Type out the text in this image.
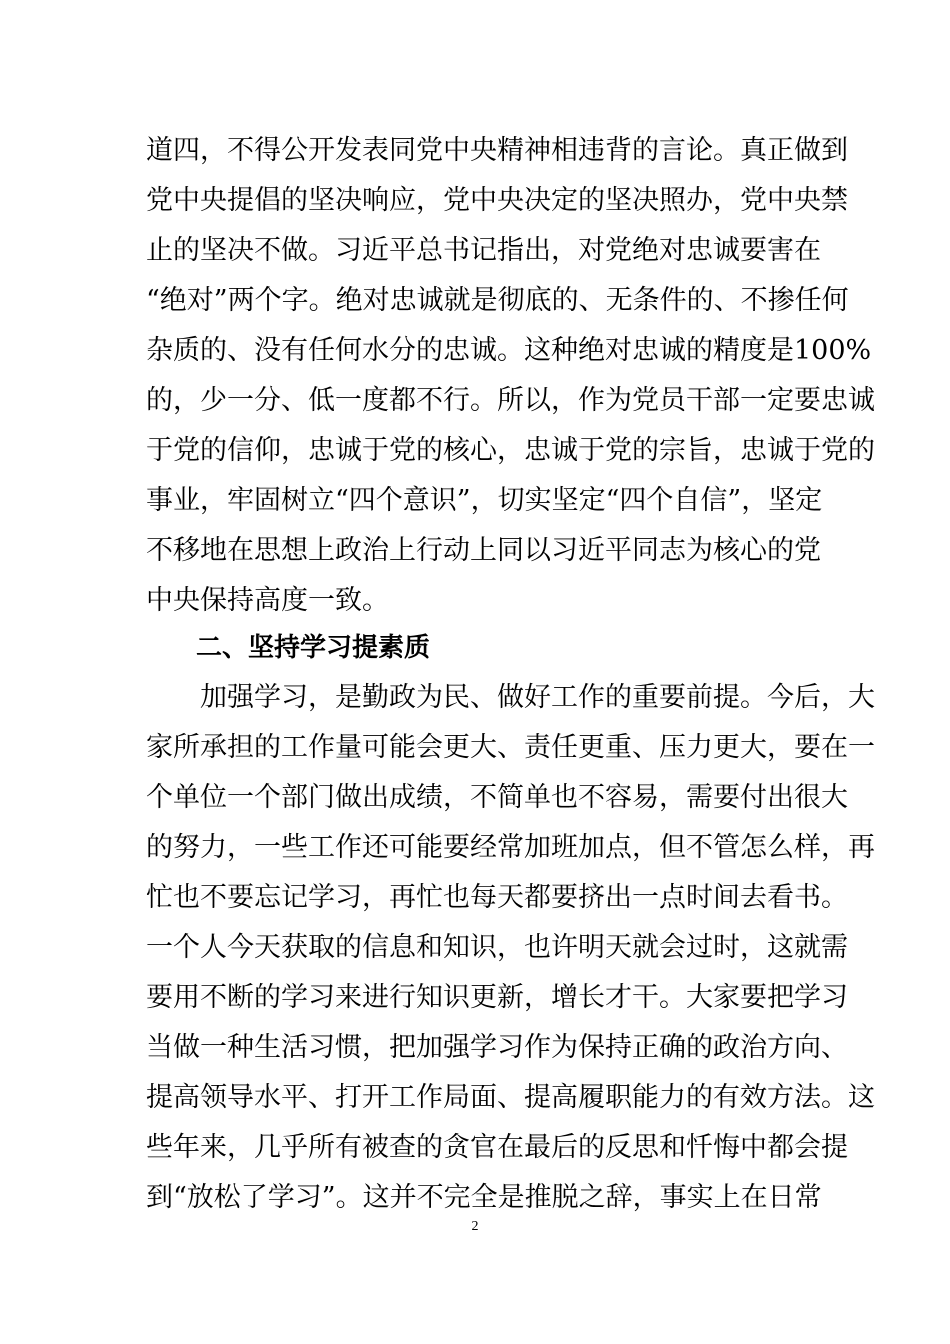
道四，不得公开发表同党中央精神相违背的言论。真正做到
党中央提倡的坚决响应，党中央决定的坚决照办，党中央禁
止的坚决不做。习近平总书记指出，对党绝对忠诚要害在
“绝对”两个字。绝对忠诚就是彻底的、无条件的、不掺任何
杂质的、没有任何水分的忠诚。这种绝对忠诚的精度是100%
的，少一分、低一度都不行。所以，作为党员干部一定要忠诚
于党的信仰，忠诚于党的核心，忠诚于党的宗旨，忠诚于党的
事业，牢固树立“四个意识”，切实坚定“四个自信”，坚定
不移地在思想上政治上行动上同以习近平同志为核心的党
中央保持高度一致。
二、坚持学习提素质
加强学习，是勤政为民、做好工作的重要前提。今后，大
家所承担的工作量可能会更大、责任更重、压力更大，要在一
个单位一个部门做出成绩，不简单也不容易，需要付出很大
的努力，一些工作还可能要经常加班加点，但不管怎么样，再
忙也不要忘记学习，再忙也每天都要挤出一点时间去看书。
一个人今天获取的信息和知识，也许明天就会过时，这就需
要用不断的学习来进行知识更新，增长才干。大家要把学习
当做一种生活习惯，把加强学习作为保持正确的政治方向、
提高领导水平、打开工作局面、提高履职能力的有效方法。这
些年来，几乎所有被查的贪官在最后的反思和忏悔中都会提
到“放松了学习”。这并不完全是推脱之辞，事实上在日常
2
